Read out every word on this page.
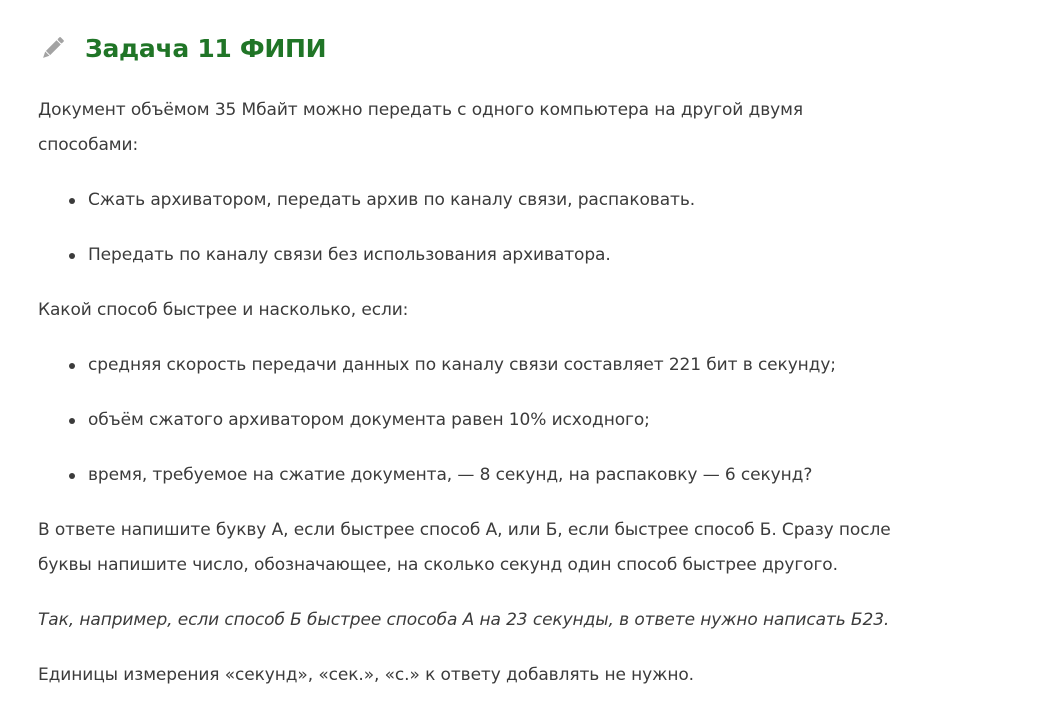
Задача 11 ФИПИ

Документ объёмом 35 Мбайт можно передать с одного компьютера на другой двумя

способами:

Сжать архиватором, передать архив по каналу связи, распаковать.
Передать по каналу связи без использования архиватора.

Какой способ быстрее и насколько, если:

средняя скорость передачи данных по каналу связи составляет 221 бит в секунду;
объём сжатого архиватором документа равен 10% исходного;
время, требуемое на сжатие документа, — 8 секунд, на распаковку — 6 секунд?

В ответе напишите букву А, если быстрее способ А, или Б, если быстрее способ Б. Сразу после

буквы напишите число, обозначающее, на сколько секунд один способ быстрее другого.

Так, например, если способ Б быстрее способа А на 23 секунды, в ответе нужно написать Б23.

Единицы измерения «секунд», «сек.», «с.» к ответу добавлять не нужно.
